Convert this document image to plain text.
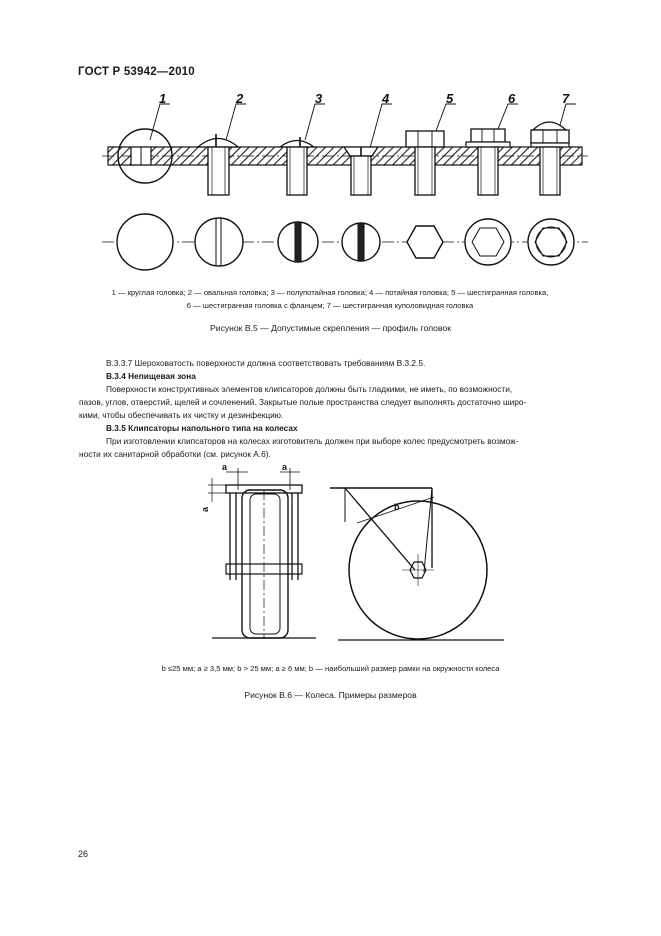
ГОСТ Р 53942—2010
1	2	3	4	5	6	7
1 — круглая головка; 2 — овальная головка; 3 — полупотайная головка; 4 — потайная головка; 5 — шестигранная головка,
6 — шестигранная головка с фланцем; 7 — шестигранная куполовидная головка
Рисунок В.5 — Допустимые скрепления — профиль головок
В.3.3.7 Шероховатость поверхности должна соответствовать требованиям В.3.2.5.
В.3.4 Непищевая зона
Поверхности конструктивных элементов клипсаторов должны быть гладкими, не иметь, по возможности,
пазов, углов, отверстий, щелей и сочленений. Закрытые полые пространства следует выполнять достаточно широ-
кими, чтобы обеспечивать их чистку и дезинфекцию.
В.3.5 Клипсаторы напольного типа на колесах
При изготовлении клипсаторов на колесах изготовитель должен при выборе колес предусмотреть возмож-
ности их санитарной обработки (см. рисунок А.6).
a	a
a	b
b ≤25 мм; a ≥ 3,5 мм; b > 25 мм; a ≥ 6 мм; b — наибольший размер рамки на окружности колеса
Рисунок В.6 — Колеса. Примеры размеров
26
